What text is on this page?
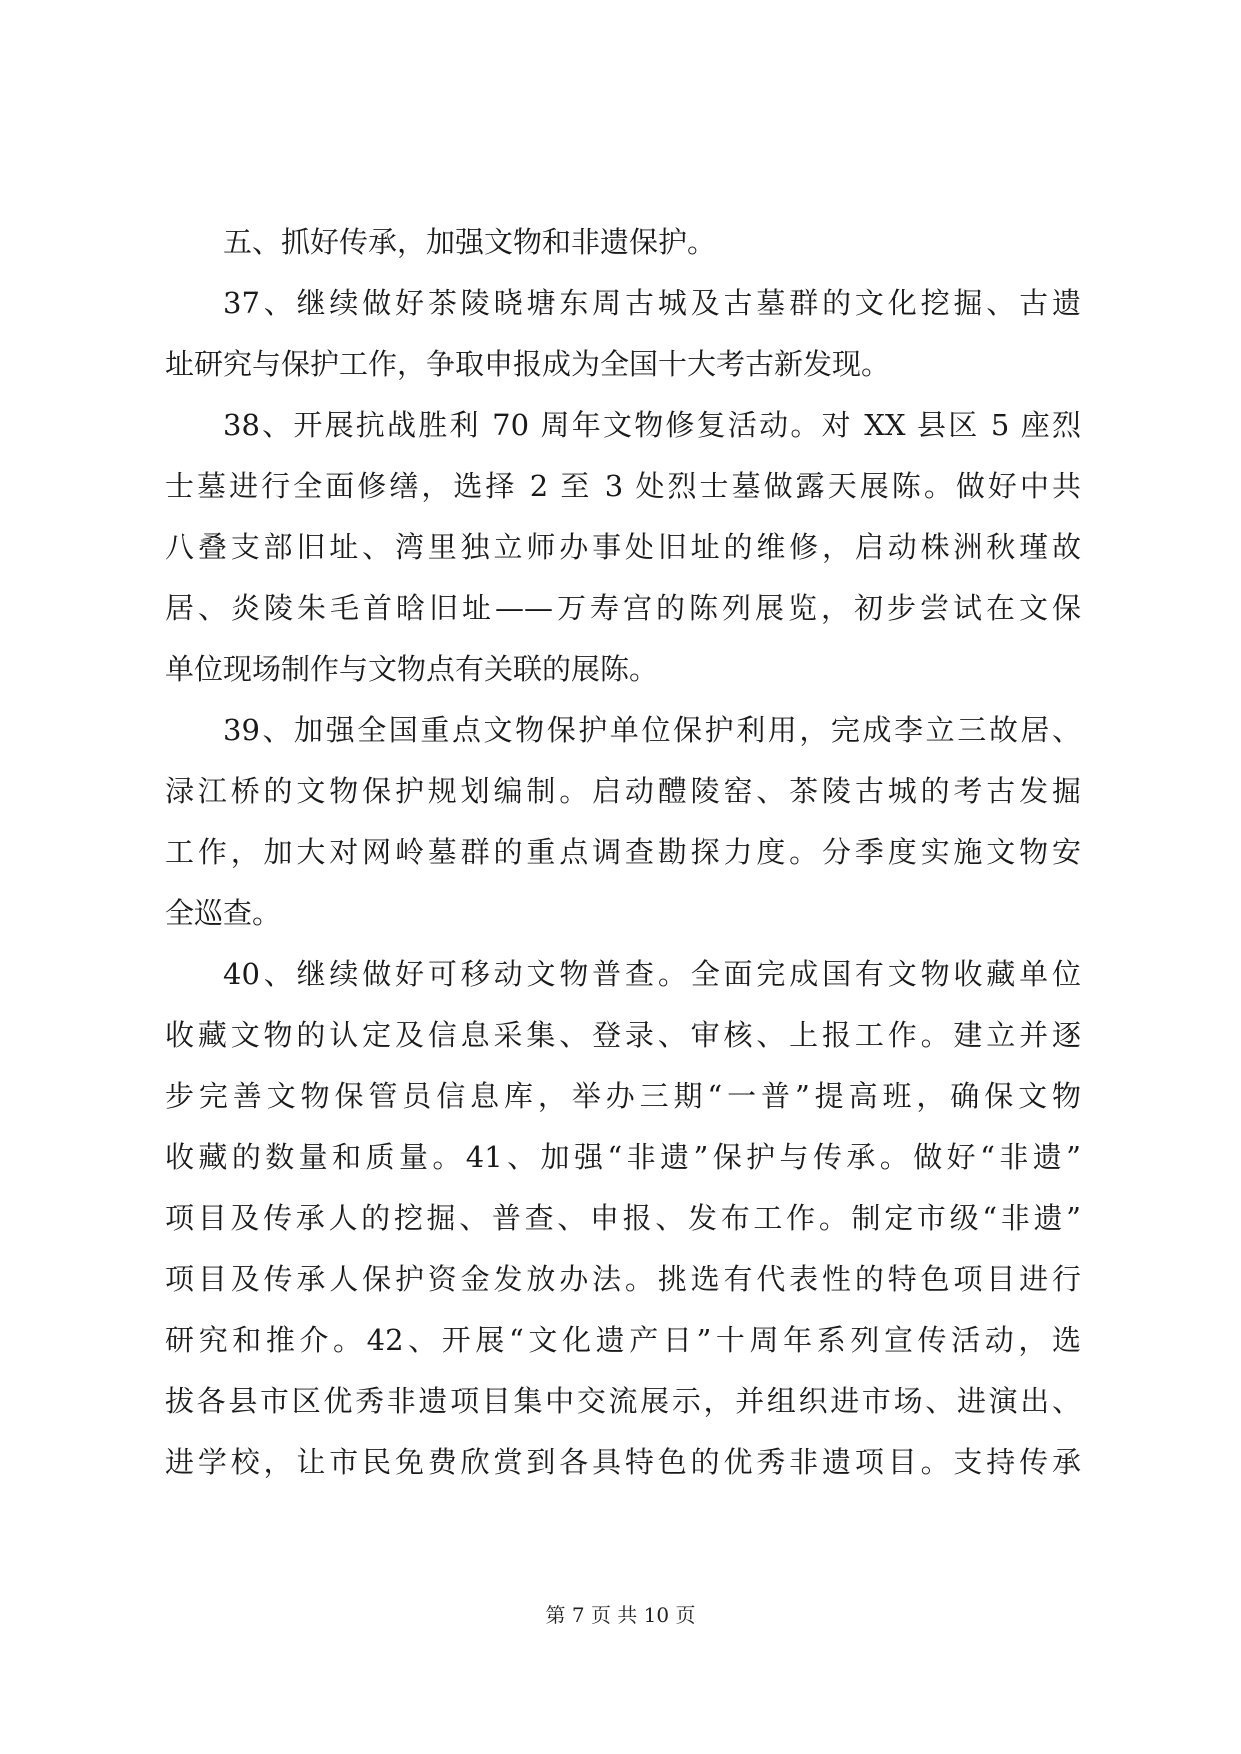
五、抓好传承，加强文物和非遗保护。
37、继续做好茶陵晓塘东周古城及古墓群的文化挖掘、古遗
址研究与保护工作，争取申报成为全国十大考古新发现。
38、开展抗战胜利 70 周年文物修复活动。对 XX 县区 5 座烈
士墓进行全面修缮，选择 2 至 3 处烈士墓做露天展陈。做好中共
八叠支部旧址、湾里独立师办事处旧址的维修，启动株洲秋瑾故
居、炎陵朱毛首晗旧址——万寿宫的陈列展览，初步尝试在文保
单位现场制作与文物点有关联的展陈。
39、加强全国重点文物保护单位保护利用，完成李立三故居、
渌江桥的文物保护规划编制。启动醴陵窑、茶陵古城的考古发掘
工作，加大对网岭墓群的重点调查勘探力度。分季度实施文物安
全巡查。
40、继续做好可移动文物普查。全面完成国有文物收藏单位
收藏文物的认定及信息采集、登录、审核、上报工作。建立并逐
步完善文物保管员信息库，举办三期“一普”提高班，确保文物
收藏的数量和质量。41、加强“非遗”保护与传承。做好“非遗”
项目及传承人的挖掘、普查、申报、发布工作。制定市级“非遗”
项目及传承人保护资金发放办法。挑选有代表性的特色项目进行
研究和推介。42、开展“文化遗产日”十周年系列宣传活动，选
拔各县市区优秀非遗项目集中交流展示，并组织进市场、进演出、
进学校，让市民免费欣赏到各具特色的优秀非遗项目。支持传承
第 7 页 共 10 页
